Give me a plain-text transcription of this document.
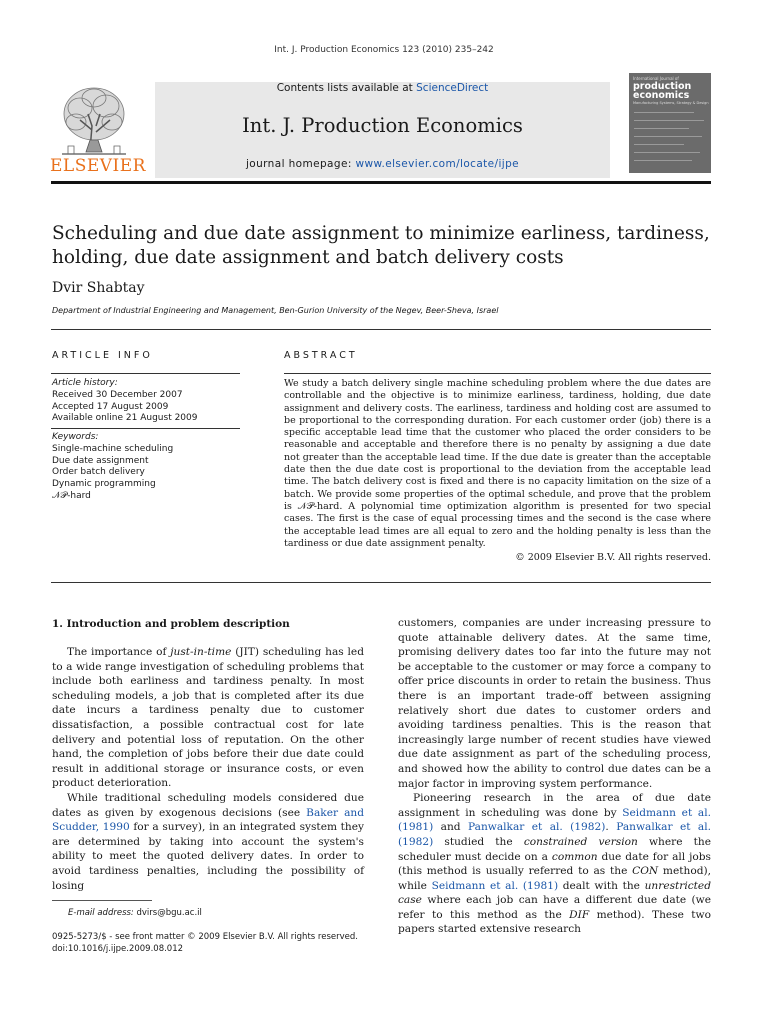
Int. J. Production Economics 123 (2010) 235–242
ELSEVIER
Contents lists available at ScienceDirect
Int. J. Production Economics
journal homepage: www.elsevier.com/locate/ijpe
International Journal of
production economics
Manufacturing Systems, Strategy & Design
Scheduling and due date assignment to minimize earliness, tardiness, holding, due date assignment and batch delivery costs
Dvir Shabtay
Department of Industrial Engineering and Management, Ben-Gurion University of the Negev, Beer-Sheva, Israel
ARTICLE INFO
Article history:
Received 30 December 2007
Accepted 17 August 2009
Available online 21 August 2009
Keywords:
Single-machine scheduling
Due date assignment
Order batch delivery
Dynamic programming
𝒩𝒫-hard
ABSTRACT

We study a batch delivery single machine scheduling problem where the due dates are controllable and the objective is to minimize earliness, tardiness, holding, due date assignment and delivery costs. The earliness, tardiness and holding cost are assumed to be proportional to the corresponding duration. For each customer order (job) there is a specific acceptable lead time that the customer who placed the order considers to be reasonable and acceptable and therefore there is no penalty by assigning a due date not greater than the acceptable lead time. If the due date is greater than the acceptable date then the due date cost is proportional to the deviation from the acceptable lead time. The batch delivery cost is fixed and there is no capacity limitation on the size of a batch. We provide some properties of the optimal schedule, and prove that the problem is 𝒩𝒫-hard. A polynomial time optimization algorithm is presented for two special cases. The first is the case of equal processing times and the second is the case where the acceptable lead times are all equal to zero and the holding penalty is less than the tardiness or due date assignment penalty.

© 2009 Elsevier B.V. All rights reserved.

1. Introduction and problem description

The importance of just-in-time (JIT) scheduling has led to a wide range investigation of scheduling problems that include both earliness and tardiness penalty. In most scheduling models, a job that is completed after its due date incurs a tardiness penalty due to customer dissatisfaction, a possible contractual cost for late delivery and potential loss of reputation. On the other hand, the completion of jobs before their due date could result in additional storage or insurance costs, or even product deterioration.

While traditional scheduling models considered due dates as given by exogenous decisions (see Baker and Scudder, 1990 for a survey), in an integrated system they are determined by taking into account the system's ability to meet the quoted delivery dates. In order to avoid tardiness penalties, including the possibility of losing

customers, companies are under increasing pressure to quote attainable delivery dates. At the same time, promising delivery dates too far into the future may not be acceptable to the customer or may force a company to offer price discounts in order to retain the business. Thus there is an important trade-off between assigning relatively short due dates to customer orders and avoiding tardiness penalties. This is the reason that increasingly large number of recent studies have viewed due date assignment as part of the scheduling process, and showed how the ability to control due dates can be a major factor in improving system performance.

Pioneering research in the area of due date assignment in scheduling was done by Seidmann et al. (1981) and Panwalkar et al. (1982). Panwalkar et al. (1982) studied the constrained version where the scheduler must decide on a common due date for all jobs (this method is usually referred to as the CON method), while Seidmann et al. (1981) dealt with the unrestricted case where each job can have a different due date (we refer to this method as the DIF method). These two papers started extensive research

E-mail address: dvirs@bgu.ac.il
0925-5273/$ - see front matter © 2009 Elsevier B.V. All rights reserved.
doi:10.1016/j.ijpe.2009.08.012
